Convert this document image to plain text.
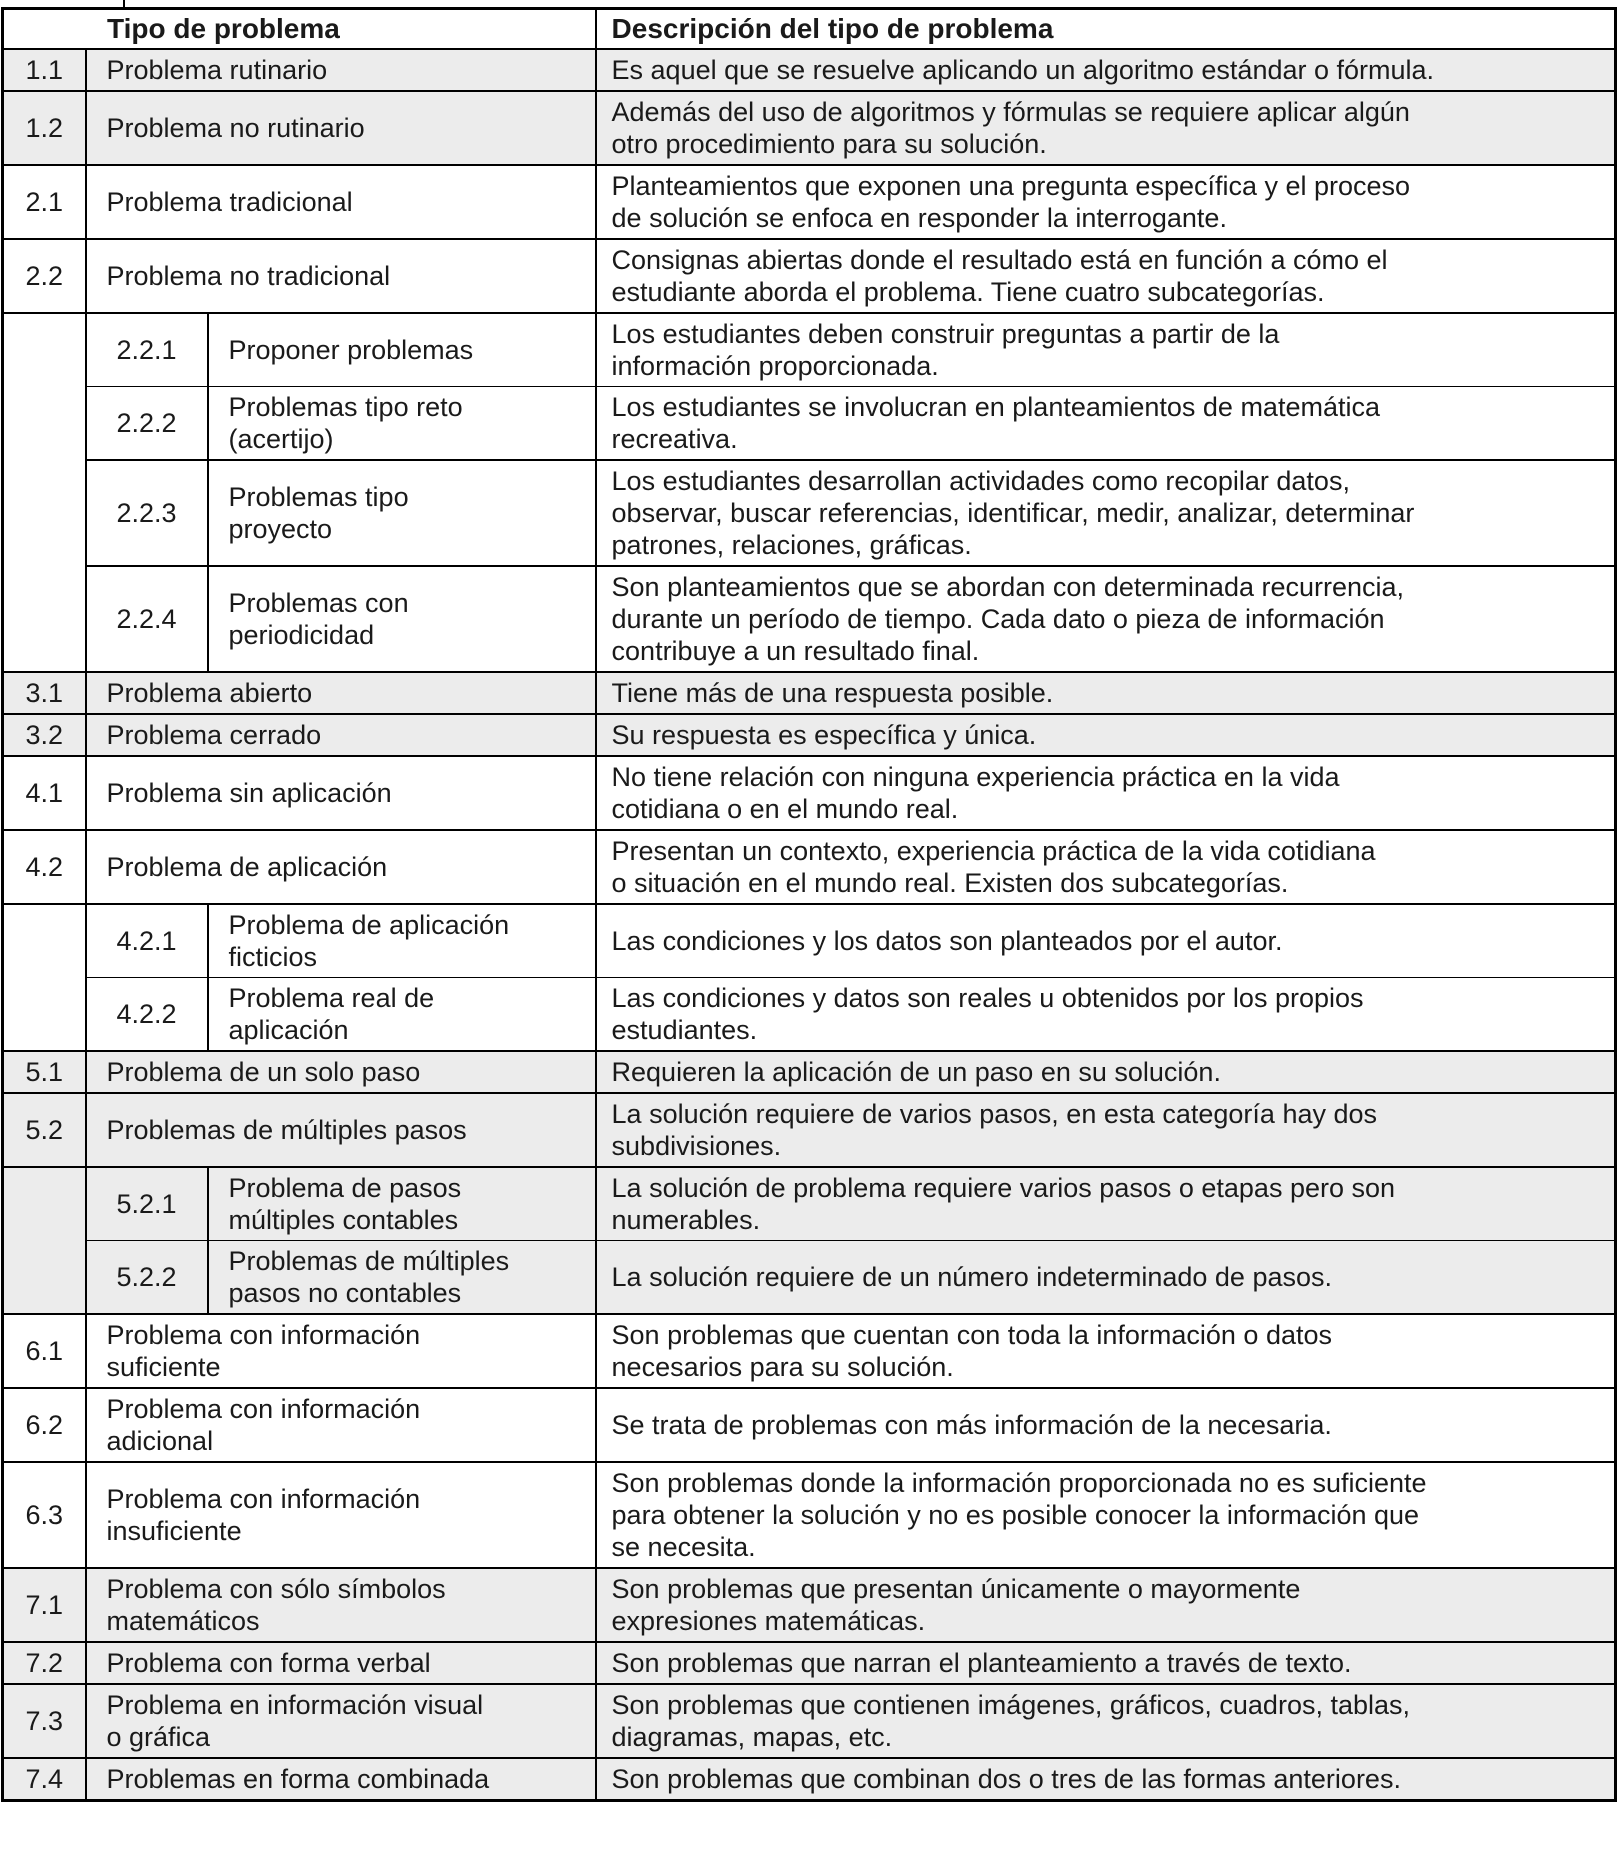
Tipo de problema			Descripción del tipo de problema
1.1	Problema rutinario		Es aquel que se resuelve aplicando un algoritmo estándar o fórmula.
1.2	Problema no rutinario		Además del uso de algoritmos y fórmulas se requiere aplicar algún
otro procedimiento para su solución.
2.1	Problema tradicional		Planteamientos que exponen una pregunta específica y el proceso
de solución se enfoca en responder la interrogante.
2.2	Problema no tradicional		Consignas abiertas donde el resultado está en función a cómo el
estudiante aborda el problema. Tiene cuatro subcategorías.
	2.2.1	Proponer problemas	Los estudiantes deben construir preguntas a partir de la
información proporcionada.
	2.2.2	Problemas tipo reto
(acertijo)	Los estudiantes se involucran en planteamientos de matemática
recreativa.
	2.2.3	Problemas tipo
proyecto	Los estudiantes desarrollan actividades como recopilar datos,
observar, buscar referencias, identificar, medir, analizar, determinar
patrones, relaciones, gráficas.
	2.2.4	Problemas con
periodicidad	Son planteamientos que se abordan con determinada recurrencia,
durante un período de tiempo. Cada dato o pieza de información
contribuye a un resultado final.
3.1	Problema abierto		Tiene más de una respuesta posible.
3.2	Problema cerrado		Su respuesta es específica y única.
4.1	Problema sin aplicación		No tiene relación con ninguna experiencia práctica en la vida
cotidiana o en el mundo real.
4.2	Problema de aplicación		Presentan un contexto, experiencia práctica de la vida cotidiana
o situación en el mundo real. Existen dos subcategorías.
	4.2.1	Problema de aplicación
ficticios	Las condiciones y los datos son planteados por el autor.
	4.2.2	Problema real de
aplicación	Las condiciones y datos son reales u obtenidos por los propios
estudiantes.
5.1	Problema de un solo paso		Requieren la aplicación de un paso en su solución.
5.2	Problemas de múltiples pasos		La solución requiere de varios pasos, en esta categoría hay dos
subdivisiones.
	5.2.1	Problema de pasos
múltiples contables	La solución de problema requiere varios pasos o etapas pero son
numerables.
	5.2.2	Problemas de múltiples
pasos no contables	La solución requiere de un número indeterminado de pasos.
6.1	Problema con información
suficiente		Son problemas que cuentan con toda la información o datos
necesarios para su solución.
6.2	Problema con información
adicional		Se trata de problemas con más información de la necesaria.
6.3	Problema con información
insuficiente		Son problemas donde la información proporcionada no es suficiente
para obtener la solución y no es posible conocer la información que
se necesita.
7.1	Problema con sólo símbolos
matemáticos		Son problemas que presentan únicamente o mayormente
expresiones matemáticas.
7.2	Problema con forma verbal		Son problemas que narran el planteamiento a través de texto.
7.3	Problema en información visual
o gráfica		Son problemas que contienen imágenes, gráficos, cuadros, tablas,
diagramas, mapas, etc.
7.4	Problemas en forma combinada		Son problemas que combinan dos o tres de las formas anteriores.
